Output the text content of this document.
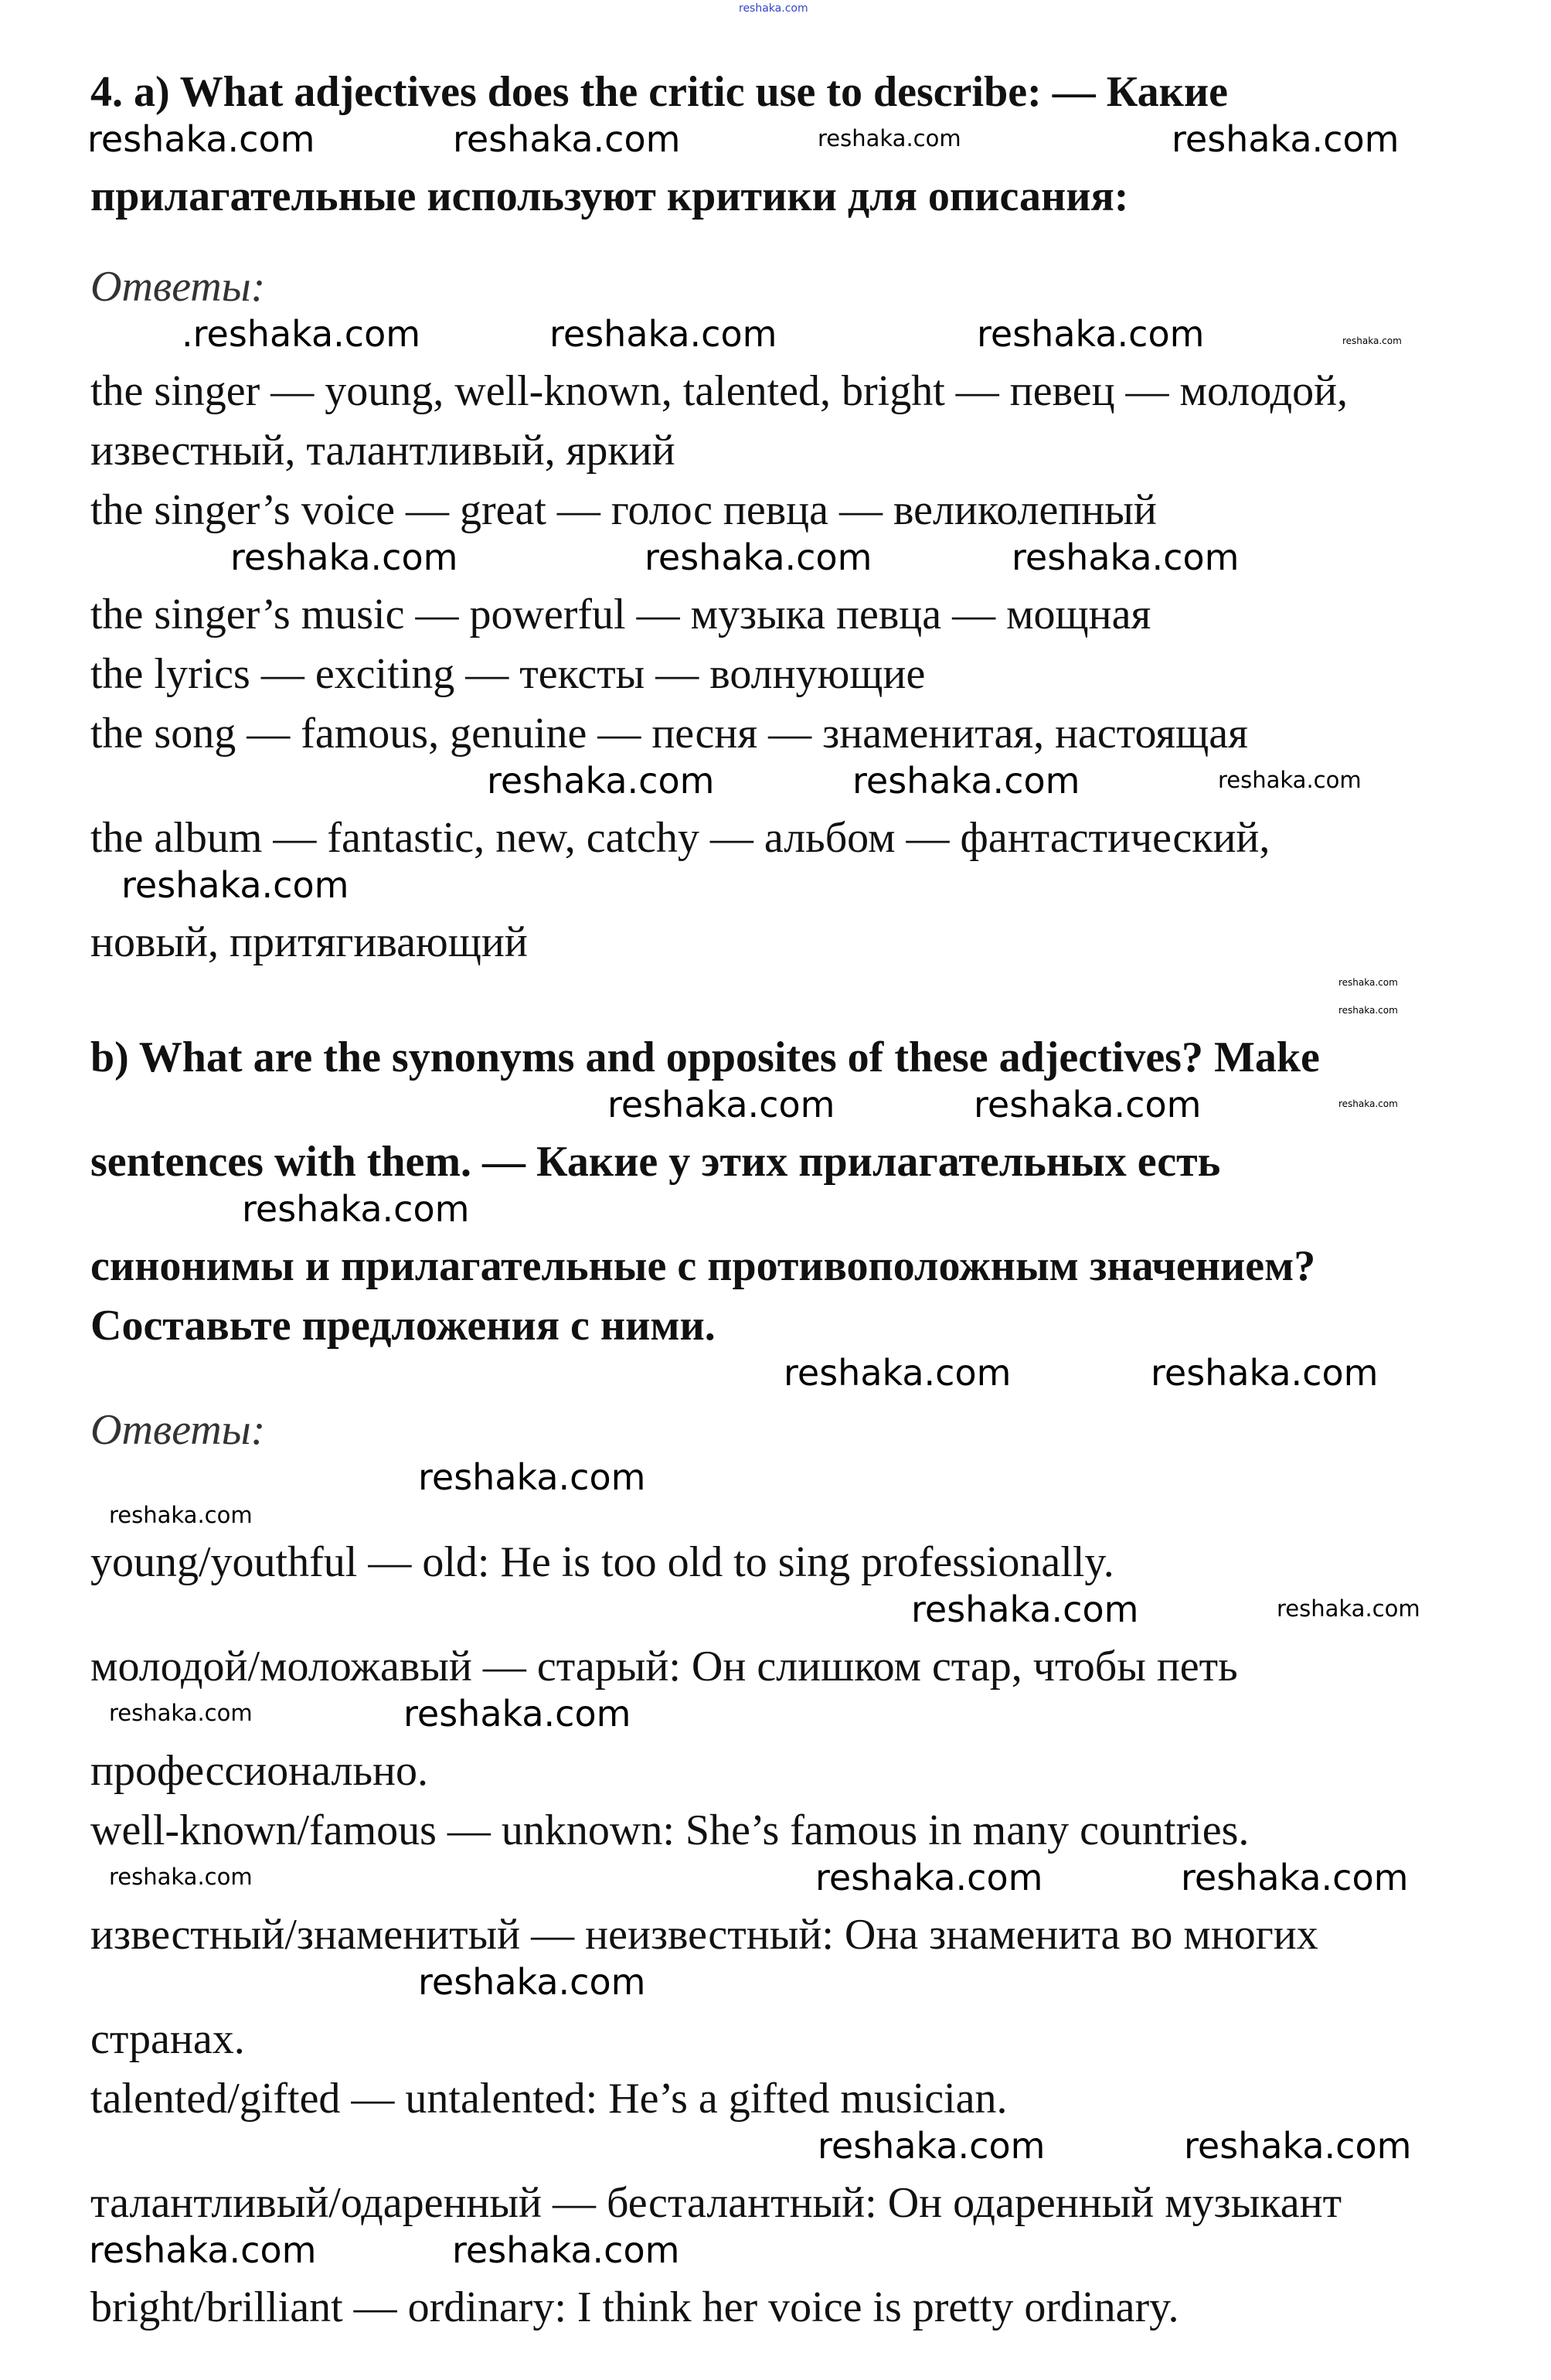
reshaka.com
4. a) What adjectives does the critic use to describe: — Какие
reshaka.com	reshaka.com	reshaka.com	reshaka.com
прилагательные используют критики для описания:
Ответы:
.reshaka.com	reshaka.com	reshaka.com	reshaka.com
the singer — young, well-known, talented, bright — певец — молодой,
известный, талантливый, яркий
the singer’s voice — great — голос певца — великолепный
reshaka.com	reshaka.com	reshaka.com
the singer’s music — powerful — музыка певца — мощная
the lyrics — exciting — тексты — волнующие
the song — famous, genuine — песня — знаменитая, настоящая
reshaka.com	reshaka.com	reshaka.com
the album — fantastic, new, catchy — альбом — фантастический,
reshaka.com
новый, притягивающий
reshaka.com
reshaka.com
b) What are the synonyms and opposites of these adjectives? Make
reshaka.com	reshaka.com	reshaka.com
sentences with them. — Какие у этих прилагательных есть
reshaka.com
синонимы и прилагательные с противоположным значением?
Составьте предложения с ними.
reshaka.com	reshaka.com
Ответы:
reshaka.com
reshaka.com
young/youthful — old: He is too old to sing professionally.
reshaka.com	reshaka.com
молодой/моложавый — старый: Он слишком стар, чтобы петь
reshaka.com	reshaka.com
профессионально.
well-known/famous — unknown: She’s famous in many countries.
reshaka.com	reshaka.com	reshaka.com
известный/знаменитый — неизвестный: Она знаменита во многих
reshaka.com
странах.
talented/gifted — untalented: He’s a gifted musician.
reshaka.com	reshaka.com
талантливый/одаренный — бесталантный: Он одаренный музыкант
reshaka.com	reshaka.com
bright/brilliant — ordinary: I think her voice is pretty ordinary.
